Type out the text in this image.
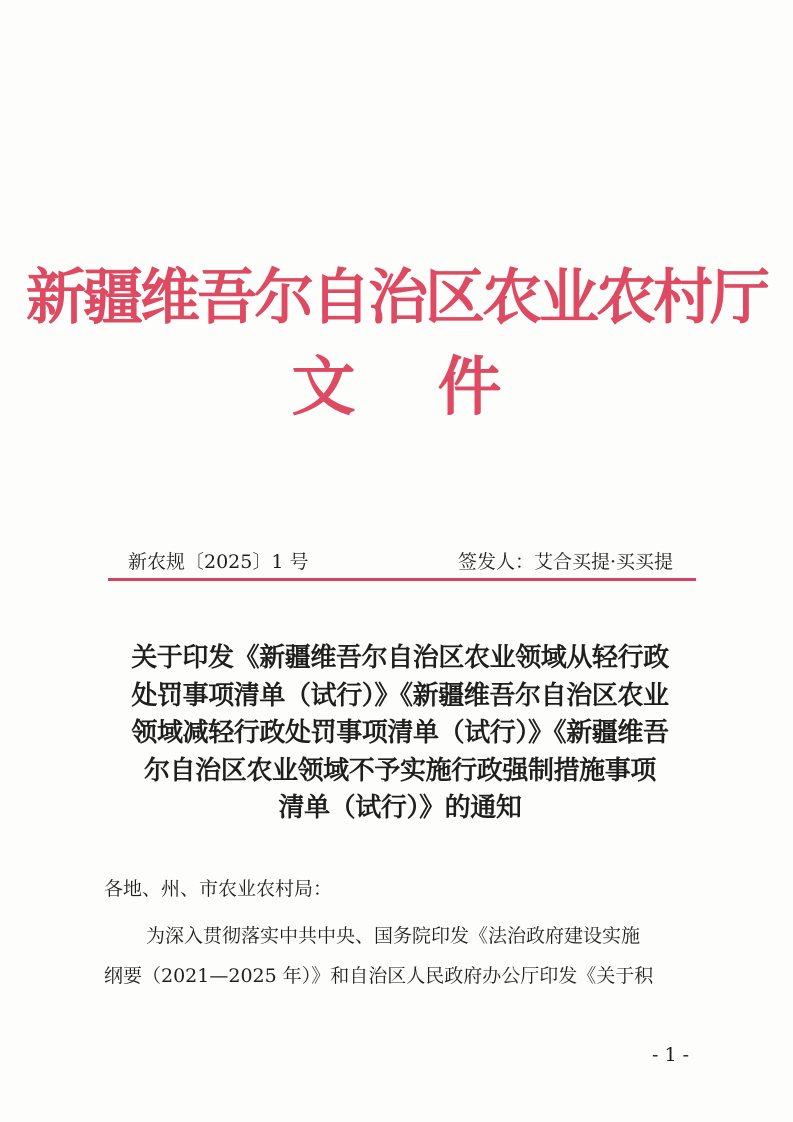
新疆维吾尔自治区农业农村厅
文 件
新农规〔2025〕1 号	签发人：艾合买提·买买提
关于印发《新疆维吾尔自治区农业领域从轻行政
处罚事项清单（试行）》《新疆维吾尔自治区农业
领域减轻行政处罚事项清单（试行）》《新疆维吾
尔自治区农业领域不予实施行政强制措施事项
清单（试行）》的通知
各地、州、市农业农村局：
为深入贯彻落实中共中央、国务院印发《法治政府建设实施
纲要（2021—2025 年）》和自治区人民政府办公厅印发《关于积
- 1 -
